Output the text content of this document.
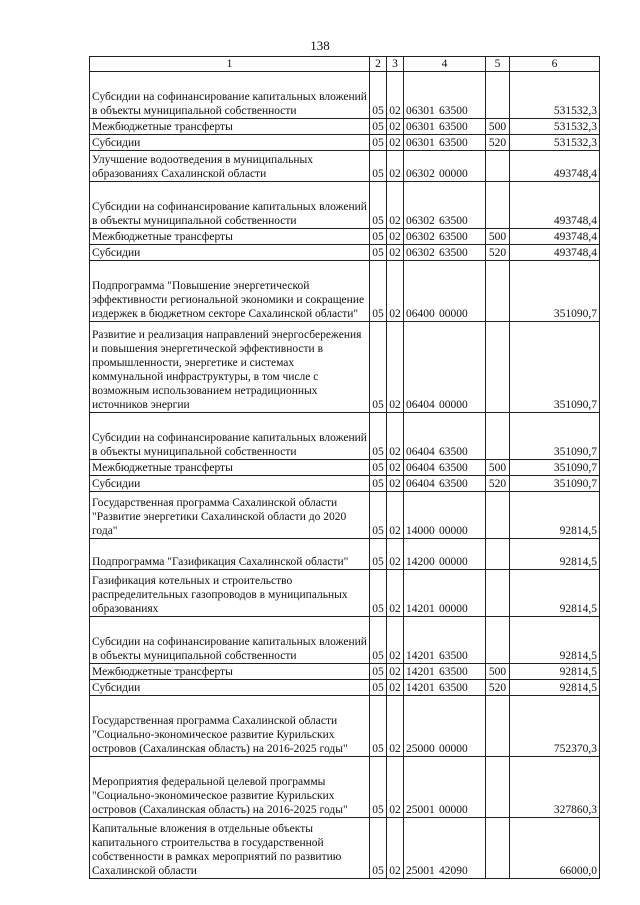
138
1	2	3	4	5	6
Субсидии на софинансирование капитальных вложений в объекты муниципальной собственности	05	02	06301 63500		531532,3
Межбюджетные трансферты	05	02	06301 63500	500	531532,3
Субсидии	05	02	06301 63500	520	531532,3
Улучшение водоотведения в муниципальных образованиях Сахалинской области	05	02	06302 00000		493748,4
Субсидии на софинансирование капитальных вложений в объекты муниципальной собственности	05	02	06302 63500		493748,4
Межбюджетные трансферты	05	02	06302 63500	500	493748,4
Субсидии	05	02	06302 63500	520	493748,4
Подпрограмма "Повышение энергетической эффективности региональной экономики и сокращение издержек в бюджетном секторе Сахалинской области"	05	02	06400 00000		351090,7
Развитие и реализация направлений энергосбережения и повышения энергетической эффективности в промышленности, энергетике и системах коммунальной инфраструктуры, в том числе с возможным использованием нетрадиционных источников энергии	05	02	06404 00000		351090,7
Субсидии на софинансирование капитальных вложений в объекты муниципальной собственности	05	02	06404 63500		351090,7
Межбюджетные трансферты	05	02	06404 63500	500	351090,7
Субсидии	05	02	06404 63500	520	351090,7
Государственная программа Сахалинской области "Развитие энергетики Сахалинской области до 2020 года"	05	02	14000 00000		92814,5
Подпрограмма "Газификация Сахалинской области"	05	02	14200 00000		92814,5
Газификация котельных и строительство распределительных газопроводов в муниципальных образованиях	05	02	14201 00000		92814,5
Субсидии на софинансирование капитальных вложений в объекты муниципальной собственности	05	02	14201 63500		92814,5
Межбюджетные трансферты	05	02	14201 63500	500	92814,5
Субсидии	05	02	14201 63500	520	92814,5
Государственная программа Сахалинской области "Социально-экономическое развитие Курильских островов (Сахалинская область) на 2016-2025 годы"	05	02	25000 00000		752370,3
Мероприятия федеральной целевой программы "Социально-экономическое развитие Курильских островов (Сахалинская область) на 2016-2025 годы"	05	02	25001 00000		327860,3
Капитальные вложения в отдельные объекты капитального строительства в государственной собственности в рамках мероприятий по развитию Сахалинской области	05	02	25001 42090		66000,0
